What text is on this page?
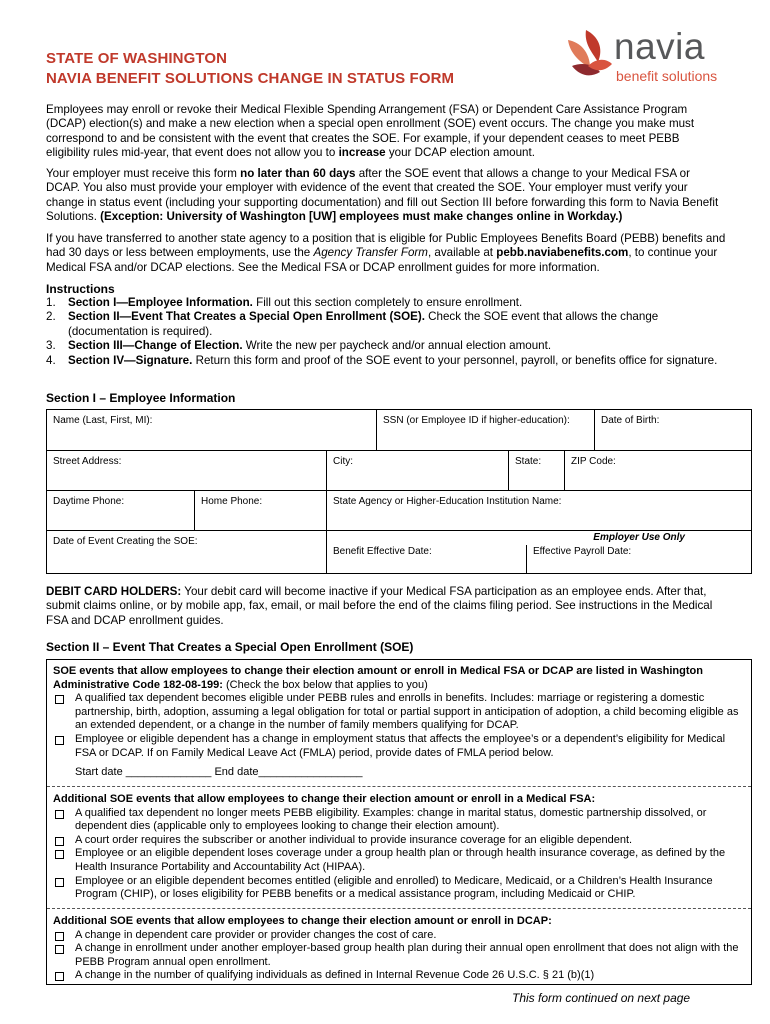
STATE OF WASHINGTON
NAVIA BENEFIT SOLUTIONS CHANGE IN STATUS FORM
navia
benefit solutions
Employees may enroll or revoke their Medical Flexible Spending Arrangement (FSA) or Dependent Care Assistance Program (DCAP) election(s) and make a new election when a special open enrollment (SOE) event occurs. The change you make must correspond to and be consistent with the event that creates the SOE. For example, if your dependent ceases to meet PEBB eligibility rules mid-year, that event does not allow you to increase your DCAP election amount.
Your employer must receive this form no later than 60 days after the SOE event that allows a change to your Medical FSA or DCAP. You also must provide your employer with evidence of the event that created the SOE. Your employer must verify your change in status event (including your supporting documentation) and fill out Section III before forwarding this form to Navia Benefit Solutions. (Exception: University of Washington [UW] employees must make changes online in Workday.)
If you have transferred to another state agency to a position that is eligible for Public Employees Benefits Board (PEBB) benefits and had 30 days or less between employments, use the Agency Transfer Form, available at pebb.naviabenefits.com, to continue your Medical FSA and/or DCAP elections. See the Medical FSA or DCAP enrollment guides for more information.
Instructions
1. Section I—Employee Information. Fill out this section completely to ensure enrollment.
2. Section II—Event That Creates a Special Open Enrollment (SOE). Check the SOE event that allows the change (documentation is required).
3. Section III—Change of Election. Write the new per paycheck and/or annual election amount.
4. Section IV—Signature. Return this form and proof of the SOE event to your personnel, payroll, or benefits office for signature.
Section I – Employee Information
Name (Last, First, MI):	SSN (or Employee ID if higher-education):	Date of Birth:
Street Address:	City:	State:	ZIP Code:
Daytime Phone:	Home Phone:	State Agency or Higher-Education Institution Name:
Date of Event Creating the SOE:	Employer Use Only
Benefit Effective Date:	Effective Payroll Date:
DEBIT CARD HOLDERS: Your debit card will become inactive if your Medical FSA participation as an employee ends. After that, submit claims online, or by mobile app, fax, email, or mail before the end of the claims filing period. See instructions in the Medical FSA and DCAP enrollment guides.
Section II – Event That Creates a Special Open Enrollment (SOE)
SOE events that allow employees to change their election amount or enroll in Medical FSA or DCAP are listed in Washington Administrative Code 182-08-199: (Check the box below that applies to you)
A qualified tax dependent becomes eligible under PEBB rules and enrolls in benefits. Includes: marriage or registering a domestic partnership, birth, adoption, assuming a legal obligation for total or partial support in anticipation of adoption, a child becoming eligible as an extended dependent, or a change in the number of family members qualifying for DCAP.
Employee or eligible dependent has a change in employment status that affects the employee’s or a dependent’s eligibility for Medical FSA or DCAP. If on Family Medical Leave Act (FMLA) period, provide dates of FMLA period below.
Start date ______________ End date_________________
Additional SOE events that allow employees to change their election amount or enroll in a Medical FSA:
A qualified tax dependent no longer meets PEBB eligibility. Examples: change in marital status, domestic partnership dissolved, or dependent dies (applicable only to employees looking to change their election amount).
A court order requires the subscriber or another individual to provide insurance coverage for an eligible dependent.
Employee or an eligible dependent loses coverage under a group health plan or through health insurance coverage, as defined by the Health Insurance Portability and Accountability Act (HIPAA).
Employee or an eligible dependent becomes entitled (eligible and enrolled) to Medicare, Medicaid, or a Children’s Health Insurance Program (CHIP), or loses eligibility for PEBB benefits or a medical assistance program, including Medicaid or CHIP.
Additional SOE events that allow employees to change their election amount or enroll in DCAP:
A change in dependent care provider or provider changes the cost of care.
A change in enrollment under another employer-based group health plan during their annual open enrollment that does not align with the PEBB Program annual open enrollment.
A change in the number of qualifying individuals as defined in Internal Revenue Code 26 U.S.C. § 21 (b)(1)
This form continued on next page
